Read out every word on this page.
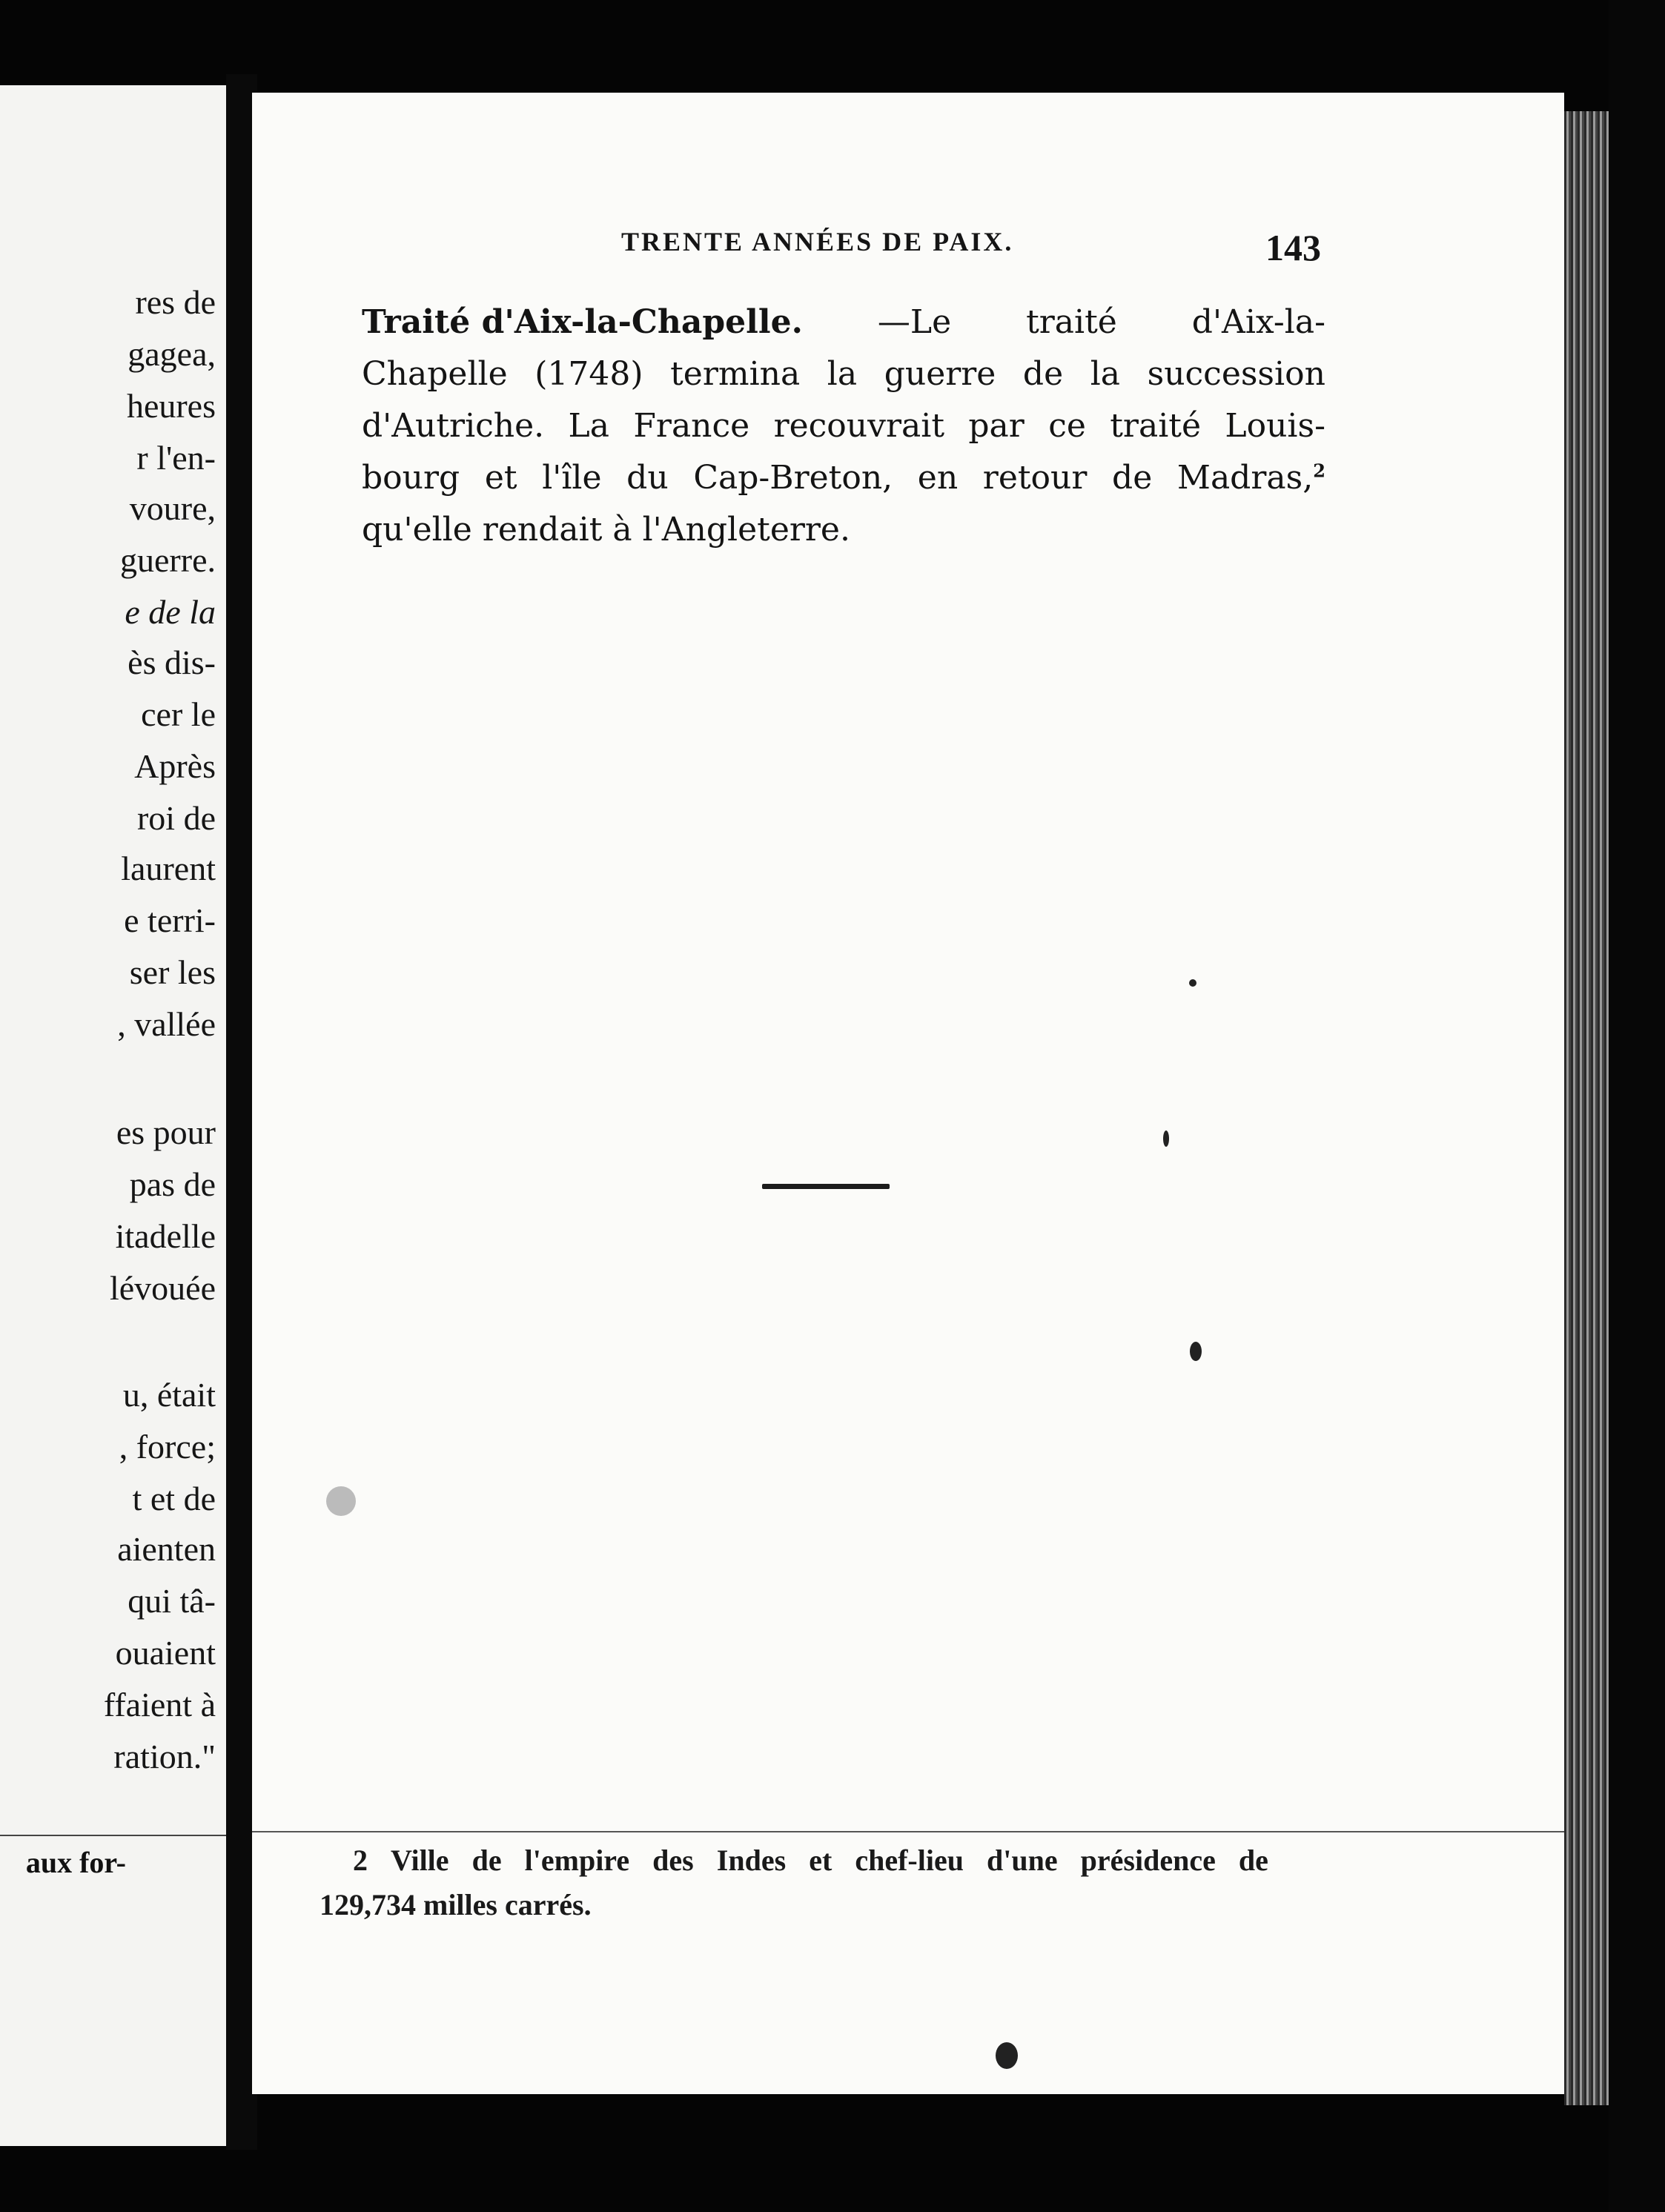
aux for-
res de
gagea,
heures
r l'en-
voure,
guerre.
e de la
ès dis-
cer le
Après
roi de
laurent
e terri-
ser les
, vallée
es pour
pas de
itadelle
lévouée
u, était
, force;
t et de
aienten
qui tâ-
ouaient
ffaient à
ration."
TRENTE ANNÉES DE PAIX.	143
Traité d'Aix-la-Chapelle. —Le traité d'Aix-la-
Chapelle (1748) termina la guerre de la succession
d'Autriche. La France recouvrait par ce traité Louis-
bourg et l'île du Cap-Breton, en retour de Madras,$^2$
qu'elle rendait à l'Angleterre.
2 Ville de l'empire des Indes et chef-lieu d'une présidence de
129,734 milles carrés.
